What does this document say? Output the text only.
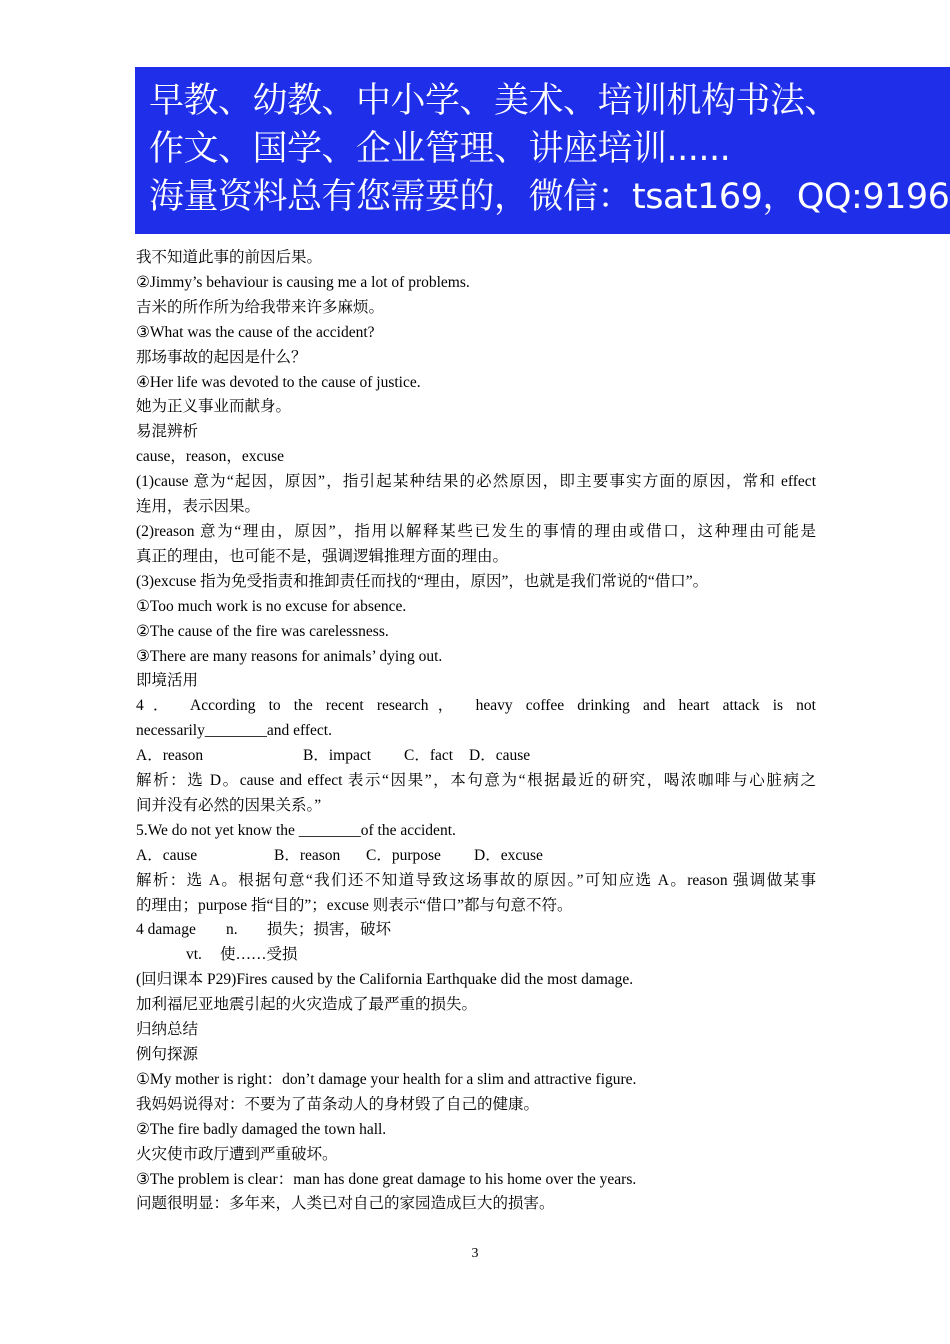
早教、幼教、中小学、美术、培训机构书法、
作文、国学、企业管理、讲座培训......
海量资料总有您需要的，微信：tsat169，QQ:9196

我不知道此事的前因后果。

②Jimmy’s behaviour is causing me a lot of problems.

吉米的所作所为给我带来许多麻烦。

③What was the cause of the accident?

那场事故的起因是什么？

④Her life was devoted to the cause of justice.

她为正义事业而献身。

易混辨析

cause，reason，excuse

(1)cause 意为“起因，原因”，指引起某种结果的必然原因，即主要事实方面的原因，常和 effect

连用，表示因果。

(2)reason 意为“理由，原因”，指用以解释某些已发生的事情的理由或借口，这种理由可能是

真正的理由，也可能不是，强调逻辑推理方面的理由。

(3)excuse 指为免受指责和推卸责任而找的“理由，原因”，也就是我们常说的“借口”。

①Too much work is no excuse for absence.

②The cause of the fire was carelessness.

③There are many reasons for animals’ dying out.

即境活用

4． According to the recent research， heavy coffee drinking and heart attack is not

necessarily________and effect.

A．reason	B．impact C．fact D．cause

解析：选 D。cause and effect 表示“因果”，本句意为“根据最近的研究，喝浓咖啡与心脏病之

间并没有必然的因果关系。”

5.We do not yet know the ________of the accident.

A．cause	B．reason C．purpose D．excuse

解析：选 A。根据句意“我们还不知道导致这场事故的原因。”可知应选 A。reason 强调做某事

的理由；purpose 指“目的”；excuse 则表示“借口”都与句意不符。

4 damage n. 损失；损害，破坏

vt. 使……受损

(回归课本 P29)Fires caused by the California Earthquake did the most damage.

加利福尼亚地震引起的火灾造成了最严重的损失。

归纳总结

例句探源

①My mother is right：don’t damage your health for a slim and attractive figure.

我妈妈说得对：不要为了苗条动人的身材毁了自己的健康。

②The fire badly damaged the town hall.

火灾使市政厅遭到严重破坏。

③The problem is clear：man has done great damage to his home over the years.

问题很明显：多年来，人类已对自己的家园造成巨大的损害。

3
